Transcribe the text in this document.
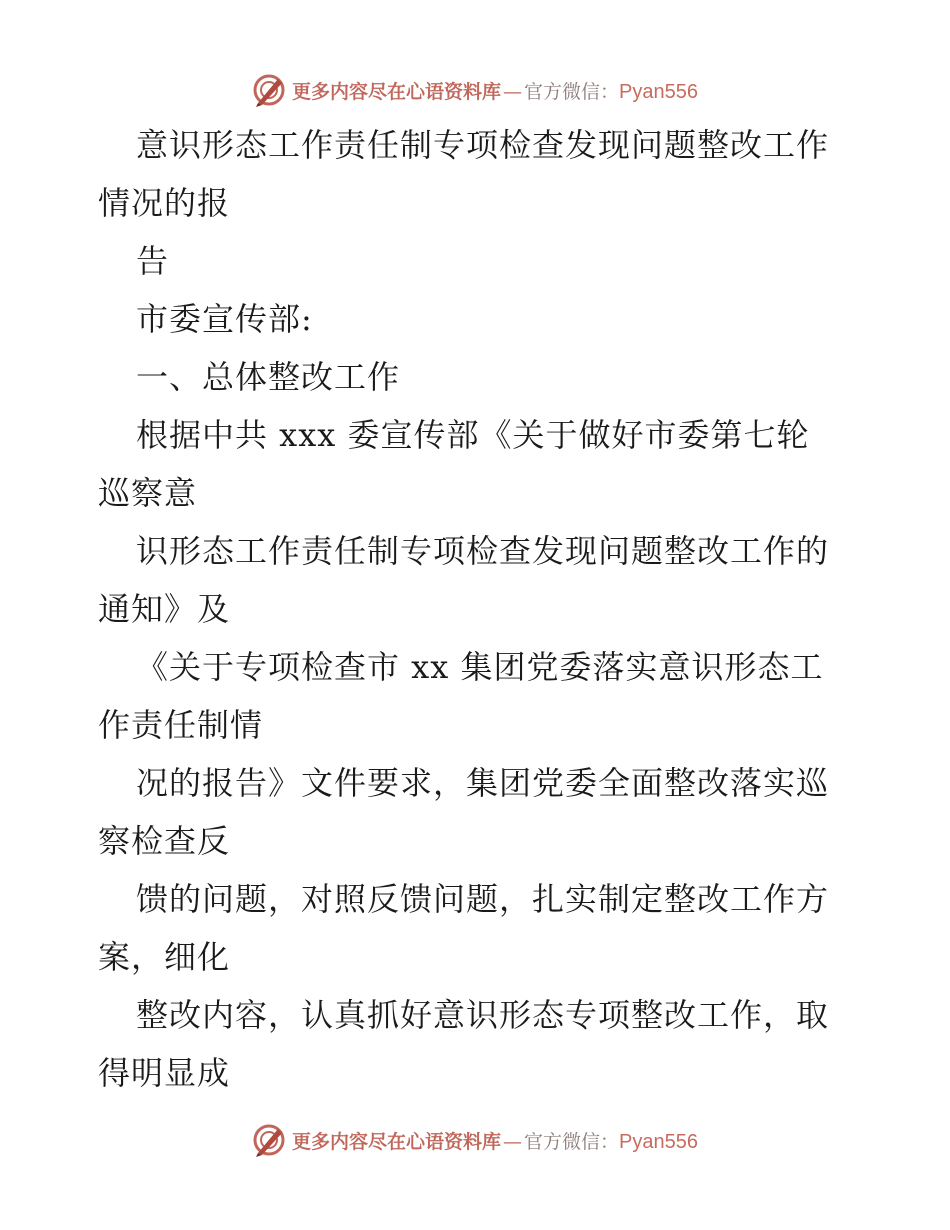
更多内容尽在心语资料库 — 官方微信： Pyan556
意识形态工作责任制专项检查发现问题整改工作
情况的报
告
市委宣传部:
一、总体整改工作
根据中共 xxx 委宣传部《关于做好市委第七轮
巡察意
识形态工作责任制专项检查发现问题整改工作的
通知》及
《关于专项检查市 xx 集团党委落实意识形态工
作责任制情
况的报告》文件要求，集团党委全面整改落实巡
察检查反
馈的问题，对照反馈问题，扎实制定整改工作方
案，细化
整改内容，认真抓好意识形态专项整改工作，取
得明显成
更多内容尽在心语资料库 — 官方微信： Pyan556
